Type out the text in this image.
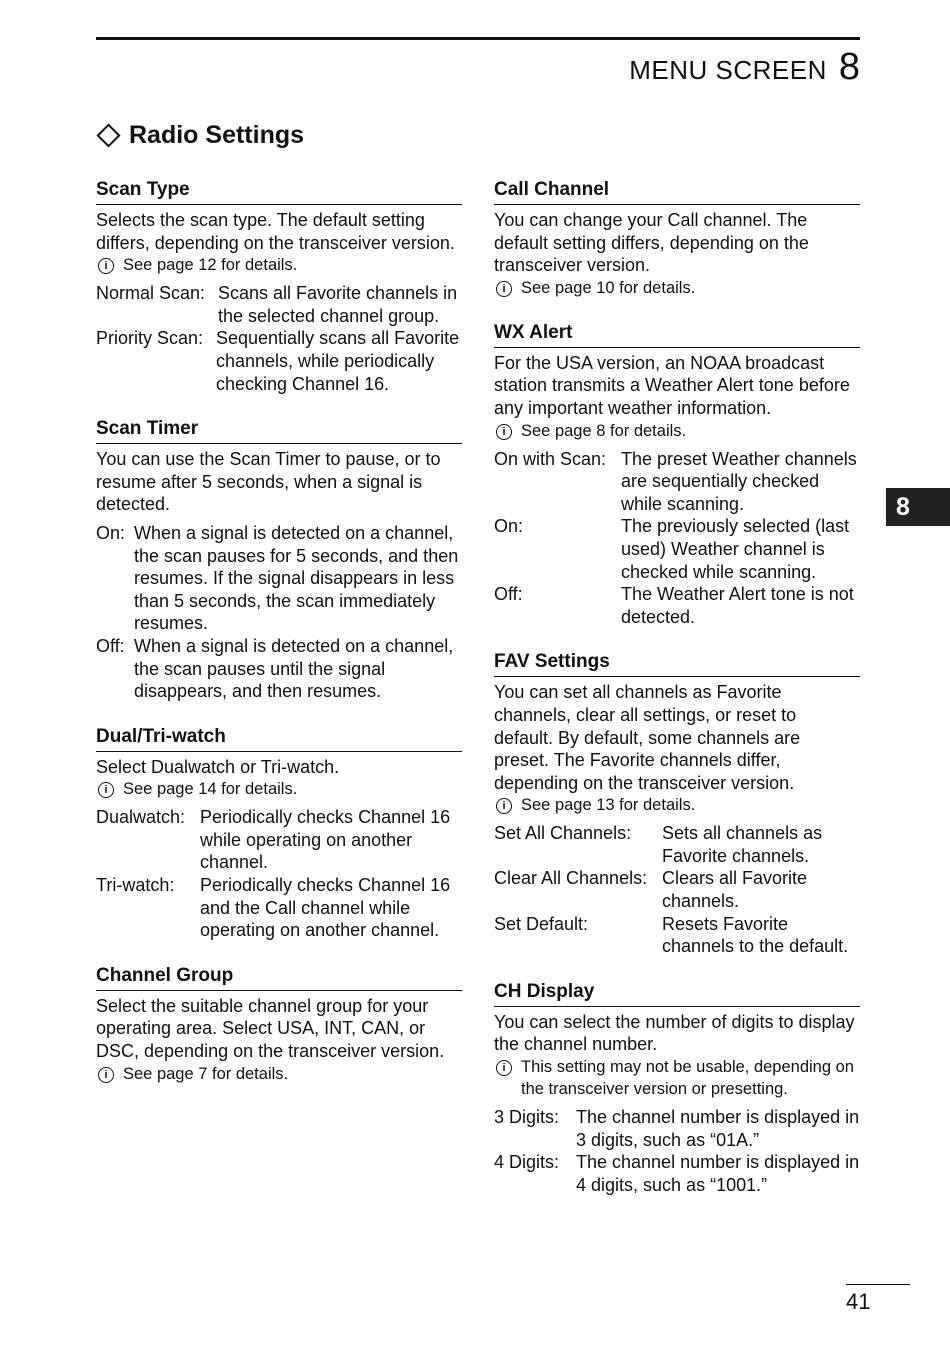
MENU SCREEN 8
8
Radio Settings
Scan Type
Selects the scan type. The default setting differs, depending on the transceiver version.
i See page 12 for details.
Normal Scan: Scans all Favorite channels in the selected channel group.
Priority Scan: Sequentially scans all Favorite channels, while periodically checking Channel 16.
Scan Timer
You can use the Scan Timer to pause, or to resume after 5 seconds, when a signal is detected.
On: When a signal is detected on a channel, the scan pauses for 5 seconds, and then resumes. If the signal disappears in less than 5 seconds, the scan immediately resumes.
Off: When a signal is detected on a channel, the scan pauses until the signal disappears, and then resumes.
Dual/Tri-watch
Select Dualwatch or Tri-watch.
i See page 14 for details.
Dualwatch: Periodically checks Channel 16 while operating on another channel.
Tri-watch:	Periodically checks Channel 16 and the Call channel while operating on another channel.
Channel Group
Select the suitable channel group for your operating area. Select USA, INT, CAN, or DSC, depending on the transceiver version.
i See page 7 for details.
Call Channel
You can change your Call channel. The default setting differs, depending on the transceiver version.
i See page 10 for details.
WX Alert
For the USA version, an NOAA broadcast station transmits a Weather Alert tone before any important weather information.
i See page 8 for details.
On with Scan: The preset Weather channels are sequentially checked while scanning.
On:	The previously selected (last used) Weather channel is checked while scanning.
Off:	The Weather Alert tone is not detected.
FAV Settings
You can set all channels as Favorite channels, clear all settings, or reset to default. By default, some channels are preset. The Favorite channels differ, depending on the transceiver version.
i See page 13 for details.
Set All Channels:	Sets all channels as Favorite channels.
Clear All Channels: Clears all Favorite channels.
Set Default:	Resets Favorite channels to the default.
CH Display
You can select the number of digits to display the channel number.
i This setting may not be usable, depending on the transceiver version or presetting.
3 Digits: The channel number is displayed in 3 digits, such as “01A.”
4 Digits: The channel number is displayed in 4 digits, such as “1001.”
41
